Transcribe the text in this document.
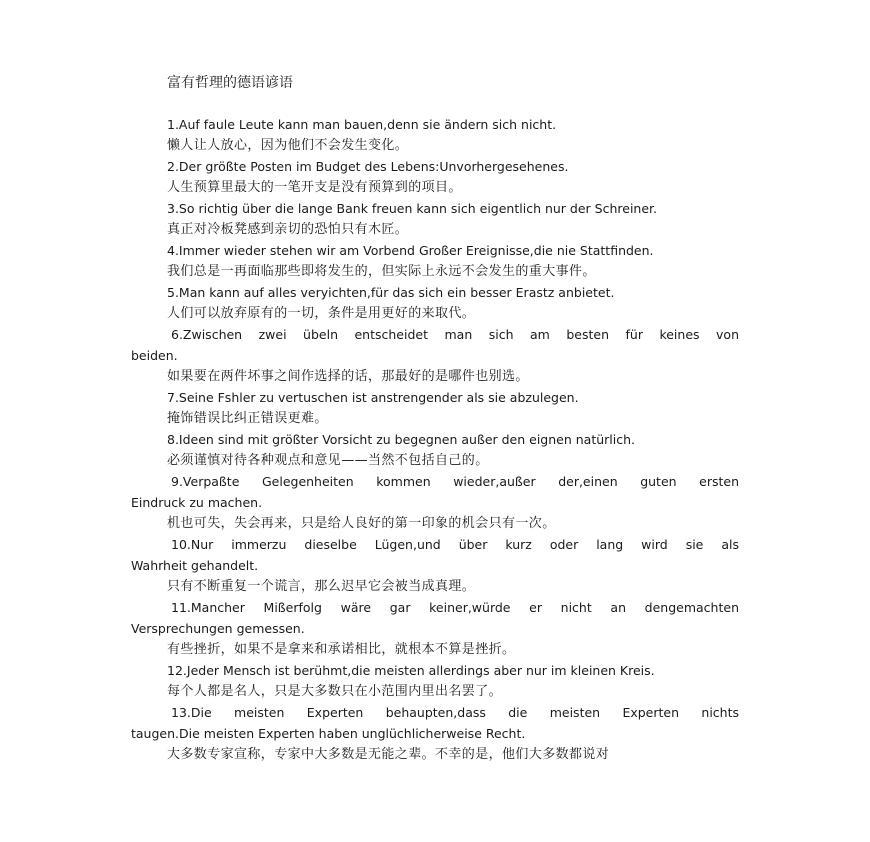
富有哲理的德语谚语
1.Auf faule Leute kann man bauen,denn sie ändern sich nicht.
懒人让人放心，因为他们不会发生变化。
2.Der größte Posten im Budget des Lebens:Unvorhergesehenes.
人生预算里最大的一笔开支是没有预算到的项目。
3.So richtig über die lange Bank freuen kann sich eigentlich nur der Schreiner.
真正对冷板凳感到亲切的恐怕只有木匠。
4.Immer wieder stehen wir am Vorbend Großer Ereignisse,die nie Stattfinden.
我们总是一再面临那些即将发生的，但实际上永远不会发生的重大事件。
5.Man kann auf alles veryichten,für das sich ein besser Erastz anbietet.
人们可以放弃原有的一切，条件是用更好的来取代。
6.Zwischen zwei übeln entscheidet man sich am besten für keines von
beiden.
如果要在两件坏事之间作选择的话，那最好的是哪件也别选。
7.Seine Fshler zu vertuschen ist anstrengender als sie abzulegen.
掩饰错误比纠正错误更难。
8.Ideen sind mit größter Vorsicht zu begegnen außer den eignen natürlich.
必须谨慎对待各种观点和意见——当然不包括自己的。
9.Verpaßte Gelegenheiten kommen wieder,außer der,einen guten ersten
Eindruck zu machen.
机也可失，失会再来，只是给人良好的第一印象的机会只有一次。
10.Nur immerzu dieselbe Lügen,und über kurz oder lang wird sie als
Wahrheit gehandelt.
只有不断重复一个谎言，那么迟早它会被当成真理。
11.Mancher Mißerfolg wäre gar keiner,würde er nicht an dengemachten
Versprechungen gemessen.
有些挫折，如果不是拿来和承诺相比，就根本不算是挫折。
12.Jeder Mensch ist berühmt,die meisten allerdings aber nur im kleinen Kreis.
每个人都是名人，只是大多数只在小范围内里出名罢了。
13.Die meisten Experten behaupten,dass die meisten Experten nichts
taugen.Die meisten Experten haben unglüchlicherweise Recht.
大多数专家宣称，专家中大多数是无能之辈。不幸的是，他们大多数都说对
